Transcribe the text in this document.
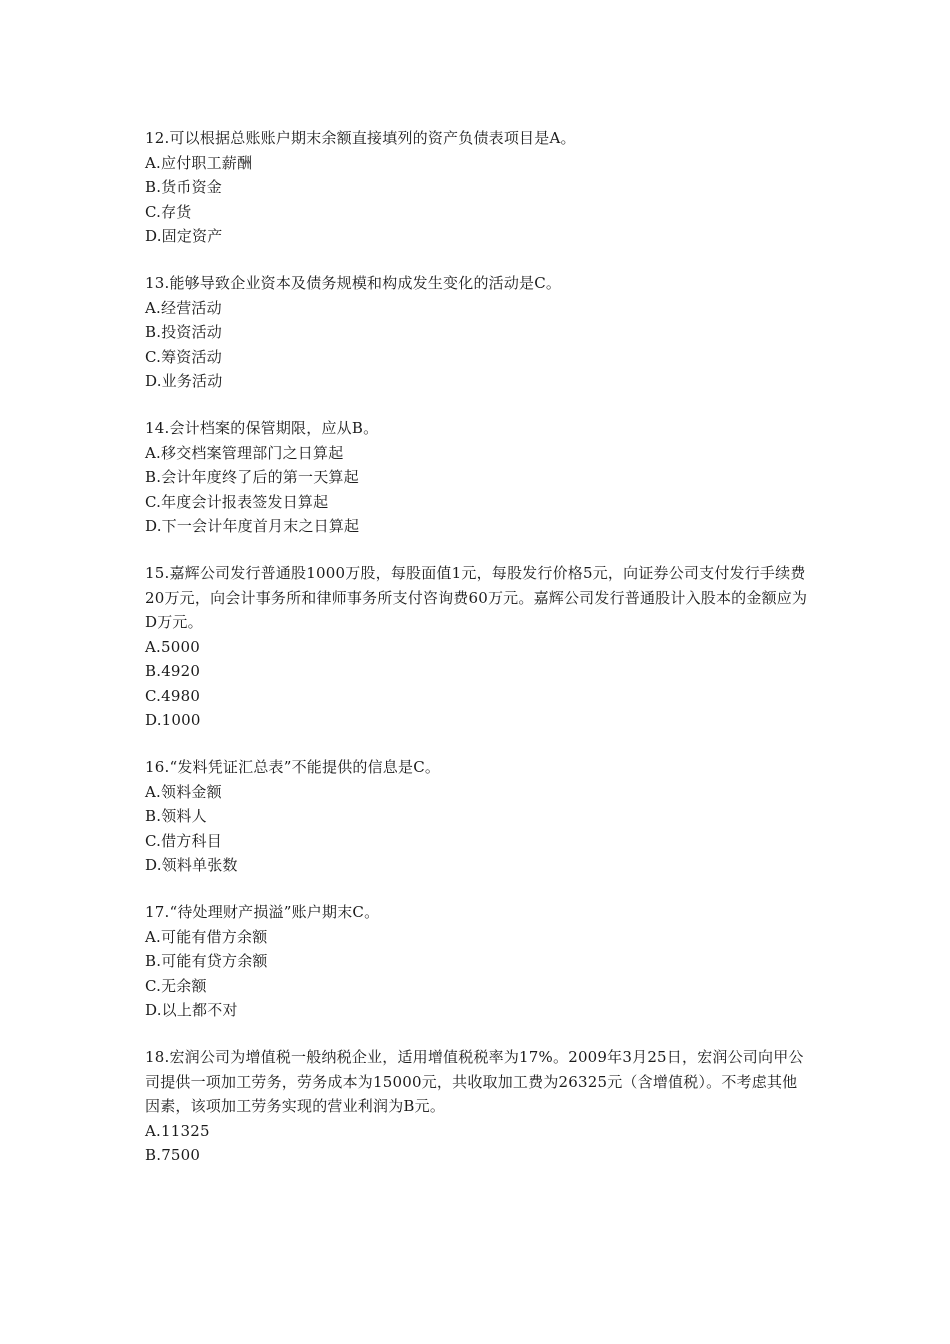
12.可以根据总账账户期末余额直接填列的资产负债表项目是A。

A.应付职工薪酬

B.货币资金

C.存货

D.固定资产

13.能够导致企业资本及债务规模和构成发生变化的活动是C。

A.经营活动

B.投资活动

C.筹资活动

D.业务活动

14.会计档案的保管期限，应从B。

A.移交档案管理部门之日算起

B.会计年度终了后的第一天算起

C.年度会计报表签发日算起

D.下一会计年度首月末之日算起

15.嘉辉公司发行普通股1000万股，每股面值1元，每股发行价格5元，向证券公司支付发行手续费20万元，向会计事务所和律师事务所支付咨询费60万元。嘉辉公司发行普通股计入股本的金额应为D万元。

A.5000

B.4920

C.4980

D.1000

16.“发料凭证汇总表”不能提供的信息是C。

A.领料金额

B.领料人

C.借方科目

D.领料单张数

17.“待处理财产损溢”账户期末C。

A.可能有借方余额

B.可能有贷方余额

C.无余额

D.以上都不对

18.宏润公司为增值税一般纳税企业，适用增值税税率为17%。2009年3月25日，宏润公司向甲公司提供一项加工劳务，劳务成本为15000元，共收取加工费为26325元（含增值税）。不考虑其他因素，该项加工劳务实现的营业利润为B元。

A.11325

B.7500
